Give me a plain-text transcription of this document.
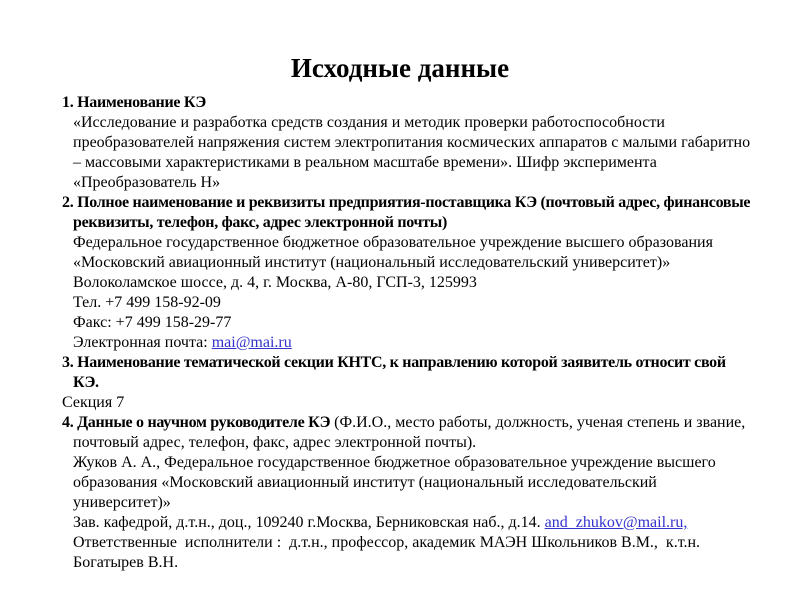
Исходные данные

1. Наименование КЭ

«Исследование и разработка средств создания и методик проверки работоспособности преобразователей напряжения систем электропитания космических аппаратов с малыми габаритно – массовыми характеристиками в реальном масштабе времени». Шифр эксперимента «Преобразователь Н»

2. Полное наименование и реквизиты предприятия-поставщика КЭ (почтовый адрес, финансовые реквизиты, телефон, факс, адрес электронной почты)

Федеральное государственное бюджетное образовательное учреждение высшего образования «Московский авиационный институт (национальный исследовательский университет)»

Волоколамское шоссе, д. 4, г. Москва, А-80, ГСП-3, 125993

Тел. +7 499 158-92-09

Факс: +7 499 158-29-77

Электронная почта: mai@mai.ru

3. Наименование тематической секции КНТС, к направлению которой заявитель относит свой КЭ.

Секция 7

4. Данные о научном руководителе КЭ (Ф.И.О., место работы, должность, ученая степень и звание, почтовый адрес, телефон, факс, адрес электронной почты).

Жуков А. А., Федеральное государственное бюджетное образовательное учреждение высшего образования «Московский авиационный институт (национальный исследовательский университет)»

Зав. кафедрой, д.т.н., доц., 109240 г.Москва, Берниковская наб., д.14. and_zhukov@mail.ru,

Ответственные  исполнители :  д.т.н., профессор, академик МАЭН Школьников В.М.,  к.т.н. Богатырев В.Н.
